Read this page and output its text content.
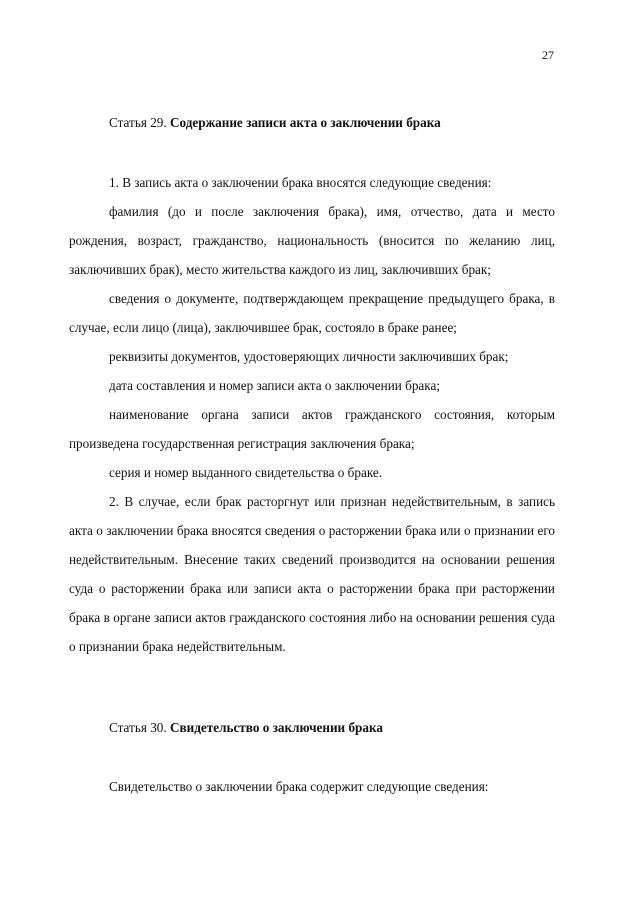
27
Статья 29. Содержание записи акта о заключении брака

1. В запись акта о заключении брака вносятся следующие сведения:

фамилия (до и после заключения брака), имя, отчество, дата и место рождения, возраст, гражданство, национальность (вносится по желанию лиц, заключивших брак), место жительства каждого из лиц, заключивших брак;

сведения о документе, подтверждающем прекращение предыдущего брака, в случае, если лицо (лица), заключившее брак, состояло в браке ранее;

реквизиты документов, удостоверяющих личности заключивших брак;

дата составления и номер записи акта о заключении брака;

наименование органа записи актов гражданского состояния, которым произведена государственная регистрация заключения брака;

серия и номер выданного свидетельства о браке.

2. В случае, если брак расторгнут или признан недействительным, в запись акта о заключении брака вносятся сведения о расторжении брака или о признании его недействительным. Внесение таких сведений производится на основании решения суда о расторжении брака или записи акта о расторжении брака при расторжении брака в органе записи актов гражданского состояния либо на основании решения суда о признании брака недействительным.

Статья 30. Свидетельство о заключении брака

Свидетельство о заключении брака содержит следующие сведения:
